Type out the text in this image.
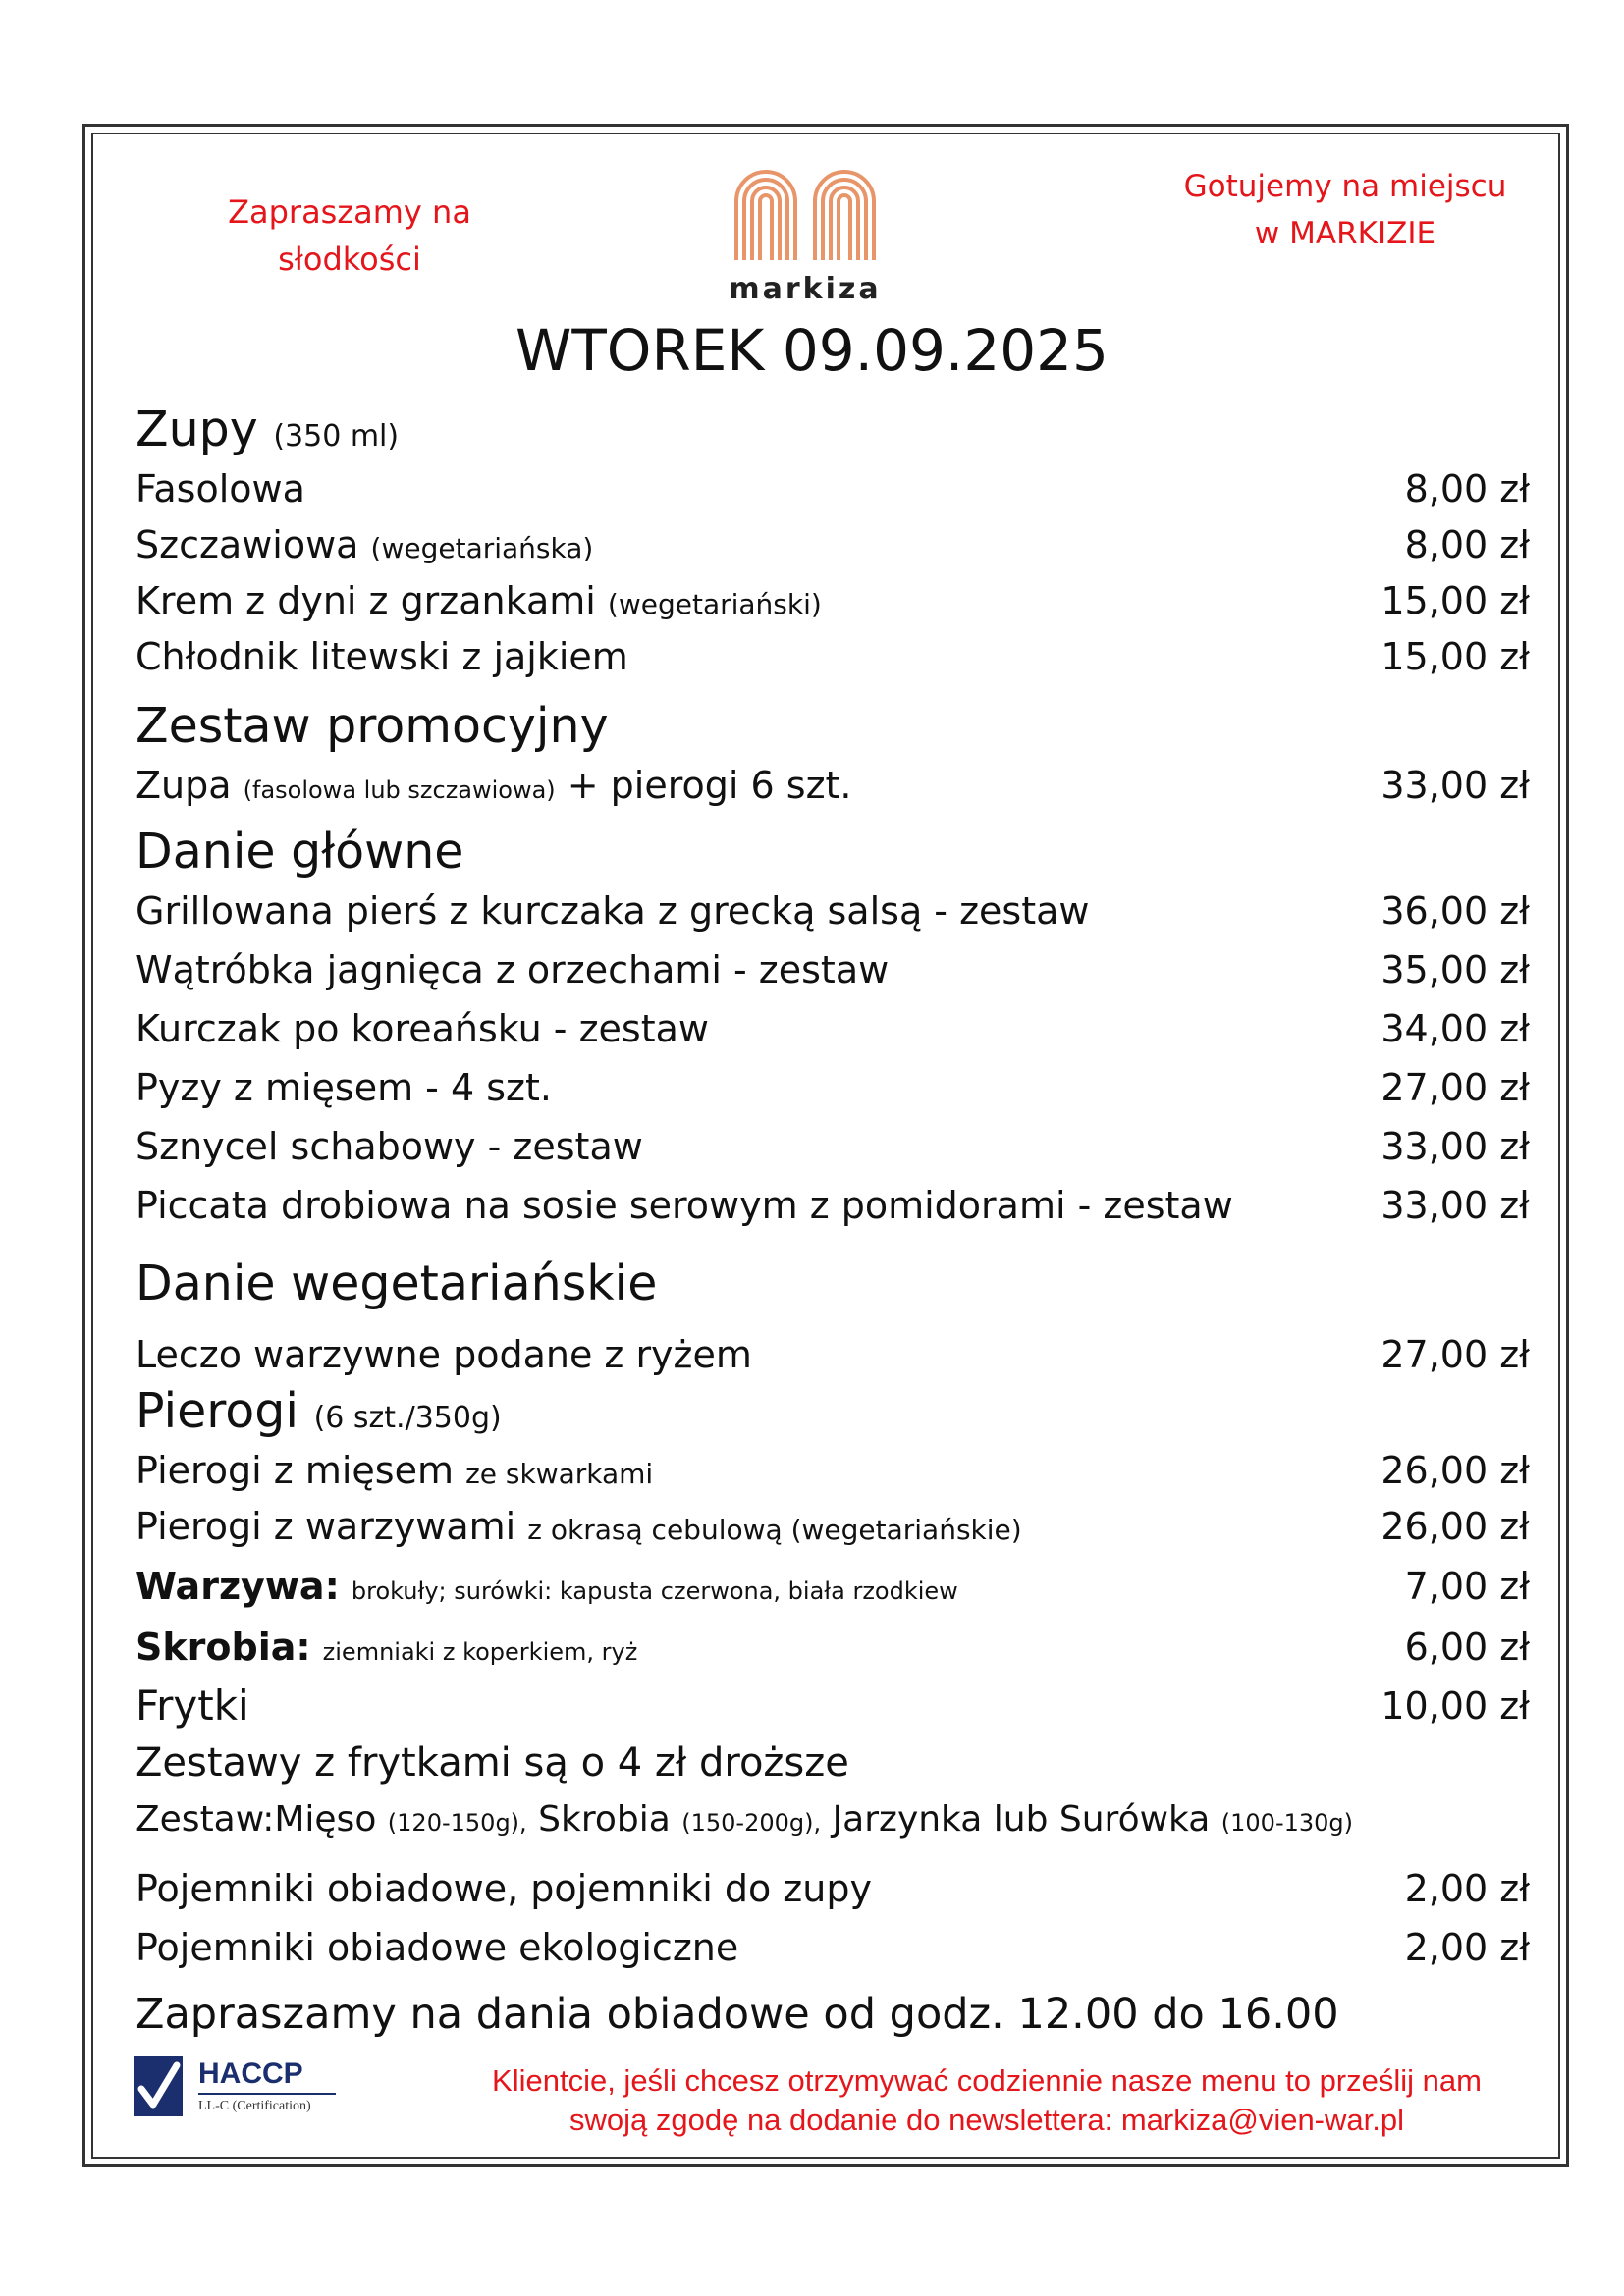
Zapraszamy na
słodkości
markiza
Gotujemy na miejscu
w MARKIZIE
WTOREK 09.09.2025
Zupy (350 ml)
Fasolowa	8,00 zł
Szczawiowa (wegetariańska)	8,00 zł
Krem z dyni z grzankami (wegetariański)	15,00 zł
Chłodnik litewski z jajkiem	15,00 zł
Zestaw promocyjny
Zupa (fasolowa lub szczawiowa) + pierogi 6 szt.	33,00 zł
Danie główne
Grillowana pierś z kurczaka z grecką salsą - zestaw	36,00 zł
Wątróbka jagnięca z orzechami - zestaw	35,00 zł
Kurczak po koreańsku - zestaw	34,00 zł
Pyzy z mięsem - 4 szt.	27,00 zł
Sznycel schabowy - zestaw	33,00 zł
Piccata drobiowa na sosie serowym z pomidorami - zestaw	33,00 zł
Danie wegetariańskie
Leczo warzywne podane z ryżem	27,00 zł
Pierogi (6 szt./350g)
Pierogi z mięsem ze skwarkami	26,00 zł
Pierogi z warzywami z okrasą cebulową (wegetariańskie)	26,00 zł
Warzywa: brokuły; surówki: kapusta czerwona, biała rzodkiew	7,00 zł
Skrobia: ziemniaki z koperkiem, ryż	6,00 zł
Frytki	10,00 zł
Zestawy z frytkami są o 4 zł droższe
Zestaw:Mięso (120-150g), Skrobia (150-200g), Jarzynka lub Surówka (100-130g)
Pojemniki obiadowe, pojemniki do zupy	2,00 zł
Pojemniki obiadowe ekologiczne	2,00 zł
Zapraszamy na dania obiadowe od godz. 12.00 do 16.00
HACCP
LL-C (Certification)
Klientcie, jeśli chcesz otrzymywać codziennie nasze menu to prześlij nam
swoją zgodę na dodanie do newslettera: markiza@vien-war.pl
